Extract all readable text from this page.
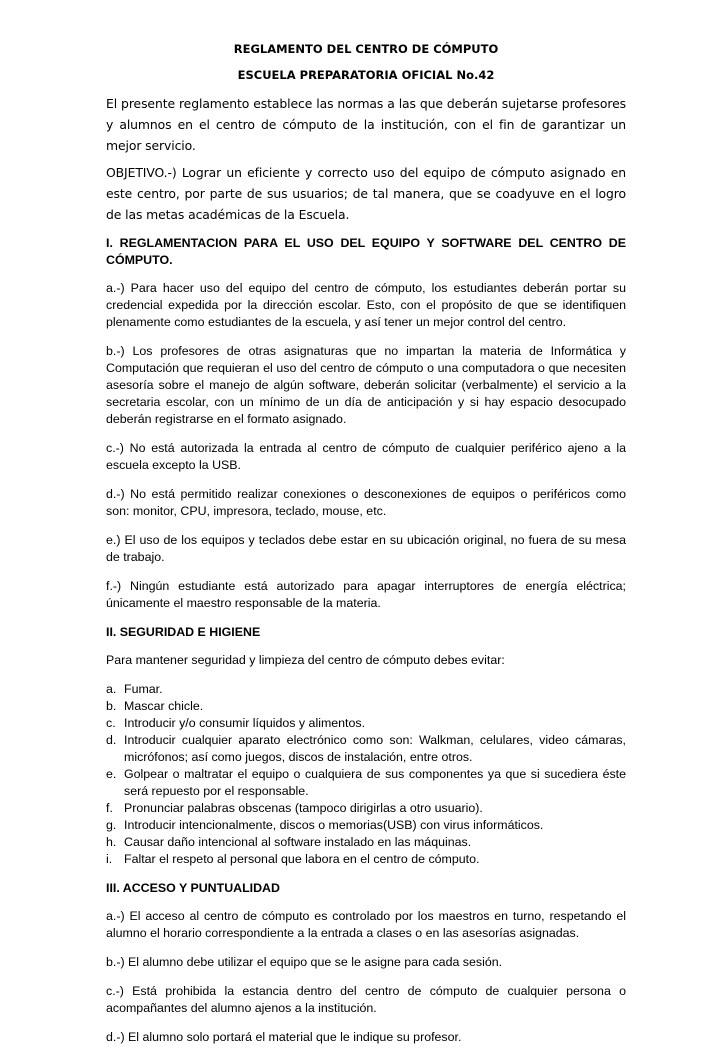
REGLAMENTO DEL CENTRO DE CÓMPUTO
ESCUELA PREPARATORIA OFICIAL No.42

El presente reglamento establece las normas a las que deberán sujetarse profesores y alumnos en el centro de cómputo de la institución, con el fin de garantizar un mejor servicio.

OBJETIVO.-) Lograr un eficiente y correcto uso del equipo de cómputo asignado en este centro, por parte de sus usuarios; de tal manera, que se coadyuve en el logro de las metas académicas de la Escuela.

I. REGLAMENTACION PARA EL USO DEL EQUIPO Y SOFTWARE DEL CENTRO DE CÓMPUTO.

a.-) Para hacer uso del equipo del centro de cómputo, los estudiantes deberán portar su credencial expedida por la dirección escolar. Esto, con el propósito de que se identifiquen plenamente como estudiantes de la escuela, y así tener un mejor control del centro.

b.-) Los profesores de otras asignaturas que no impartan la materia de Informática y Computación que requieran el uso del centro de cómputo o una computadora o que necesiten asesoría sobre el manejo de algún software, deberán solicitar (verbalmente) el servicio a la secretaria escolar, con un mínimo de un día de anticipación y si hay espacio desocupado deberán registrarse en el formato asignado.

c.-) No está autorizada la entrada al centro de cómputo de cualquier periférico ajeno a la escuela excepto la USB.

d.-) No está permitido realizar conexiones o desconexiones de equipos o periféricos como son: monitor, CPU, impresora, teclado, mouse, etc.

e.) El uso de los equipos y teclados debe estar en su ubicación original, no fuera de su mesa de trabajo.

f.-) Ningún estudiante está autorizado para apagar interruptores de energía eléctrica; únicamente el maestro responsable de la materia.

II. SEGURIDAD E HIGIENE

Para mantener seguridad y limpieza del centro de cómputo debes evitar:

a. Fumar.
b. Mascar chicle.
c. Introducir y/o consumir líquidos y alimentos.
d. Introducir cualquier aparato electrónico como son: Walkman, celulares, video cámaras, micrófonos; así como juegos, discos de instalación, entre otros.
e. Golpear o maltratar el equipo o cualquiera de sus componentes ya que si sucediera éste será repuesto por el responsable.
f. Pronunciar palabras obscenas (tampoco dirigirlas a otro usuario).
g. Introducir intencionalmente, discos o memorias(USB) con virus informáticos.
h. Causar daño intencional al software instalado en las máquinas.
i. Faltar el respeto al personal que labora en el centro de cómputo.

III. ACCESO Y PUNTUALIDAD

a.-) El acceso al centro de cómputo es controlado por los maestros en turno, respetando el alumno el horario correspondiente a la entrada a clases o en las asesorías asignadas.

b.-) El alumno debe utilizar el equipo que se le asigne para cada sesión.

c.-) Está prohibida la estancia dentro del centro de cómputo de cualquier persona o acompañantes del alumno ajenos a la institución.

d.-) El alumno solo portará el material que le indique su profesor.
